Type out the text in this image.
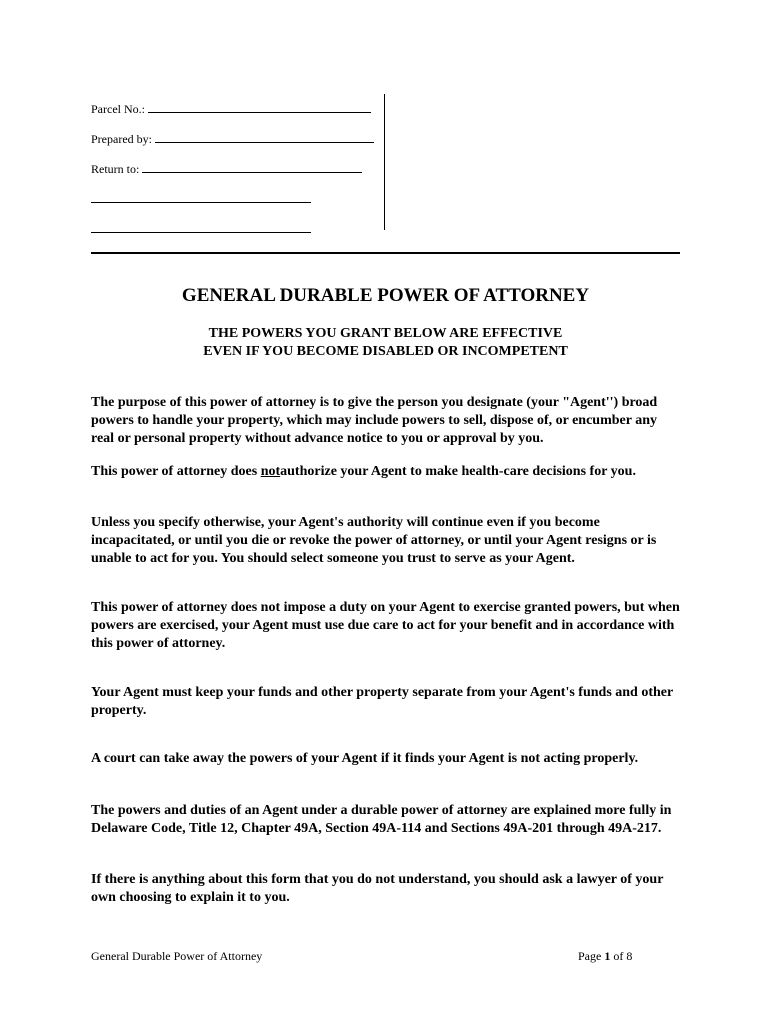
Parcel No.:
Prepared by:
Return to:
GENERAL DURABLE POWER OF ATTORNEY
THE POWERS YOU GRANT BELOW ARE EFFECTIVE
EVEN IF YOU BECOME DISABLED OR INCOMPETENT
The purpose of this power of attorney is to give the person you designate (your "Agent'') broad powers to handle your property, which may include powers to sell, dispose of, or encumber any real or personal property without advance notice to you or approval by you.
This power of attorney does notauthorize your Agent to make health-care decisions for you.
Unless you specify otherwise, your Agent's authority will continue even if you become incapacitated, or until you die or revoke the power of attorney, or until your Agent resigns or is unable to act for you. You should select someone you trust to serve as your Agent.
This power of attorney does not impose a duty on your Agent to exercise granted powers, but when powers are exercised, your Agent must use due care to act for your benefit and in accordance with this power of attorney.
Your Agent must keep your funds and other property separate from your Agent's funds and other property.
A court can take away the powers of your Agent if it finds your Agent is not acting properly.
The powers and duties of an Agent under a durable power of attorney are explained more fully in Delaware Code, Title 12, Chapter 49A, Section 49A-114 and Sections 49A-201 through 49A-217.
If there is anything about this form that you do not understand, you should ask a lawyer of your own choosing to explain it to you.
General Durable Power of Attorney	Page 1 of 8
